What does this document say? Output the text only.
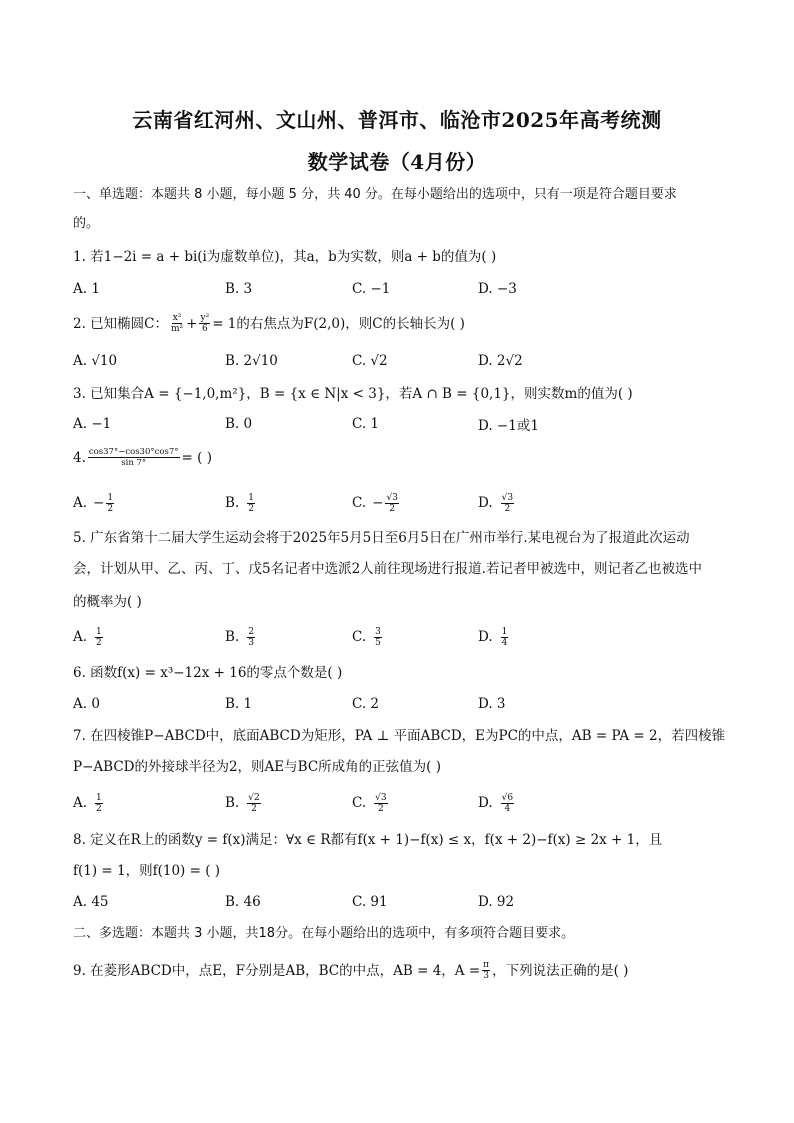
云南省红河州、文山州、普洱市、临沧市2025年高考统测
数学试卷（4月份）
一、单选题：本题共 8 小题，每小题 5 分，共 40 分。在每小题给出的选项中，只有一项是符合题目要求
的。
1. 若1−2i = a + bi(i为虚数单位)，其a，b为实数，则a + b的值为( )
A. 1	B. 3	C. −1	D. −3
2. 已知椭圆C： $\frac{\text{x²}}{\text{m²}} + \frac{\text{y²}}{6} = 1$的右焦点为F(2,0)，则C的长轴长为( )
A. √10	B. 2√10	C. √2	D. 2√2
3. 已知集合A = {−1,0,m²}，B = {x ∈ N|x < 3}，若A ∩ B = {0,1}，则实数m的值为( )
A. −1	B. 0	C. 1	D. −1或1
4. $\frac{\cos 37^\circ-\cos 30^\circ\cos 7^\circ}{\sin 7^\circ}$ = ( )
A. − $\frac{1}{2}$	B. $\frac{1}{2}$	C. − $\frac{√3}{2}$	D. $\frac{√3}{2}$
5. 广东省第十二届大学生运动会将于2025年5月5日至6月5日在广州市举行.某电视台为了报道此次运动
会，计划从甲、乙、丙、丁、戊5名记者中选派2人前往现场进行报道.若记者甲被选中，则记者乙也被选中
的概率为( )
A. $\frac{1}{2}$	B. $\frac{2}{3}$	C. $\frac{3}{5}$	D. $\frac{1}{4}$
6. 函数f(x) = x³−12x + 16的零点个数是( )
A. 0	B. 1	C. 2	D. 3
7. 在四棱锥P−ABCD中，底面ABCD为矩形，PA ⊥ 平面ABCD，E为PC的中点，AB = PA = 2，若四棱锥
P−ABCD的外接球半径为2，则AE与BC所成角的正弦值为( )
A. $\frac{1}{2}$	B. $\frac{√2}{2}$	C. $\frac{√3}{2}$	D. $\frac{√6}{4}$
8. 定义在R上的函数y = f(x)满足：∀x ∈ R都有f(x + 1)−f(x) ≤ x，f(x + 2)−f(x) ≥ 2x + 1，且
f(1) = 1，则f(10) = ( )
A. 45	B. 46	C. 91	D. 92
二、多选题：本题共 3 小题，共18分。在每小题给出的选项中，有多项符合题目要求。
9. 在菱形ABCD中，点E，F分别是AB，BC的中点，AB = 4，$A = \frac{\pi}{3}$ ，下列说法正确的是( )
